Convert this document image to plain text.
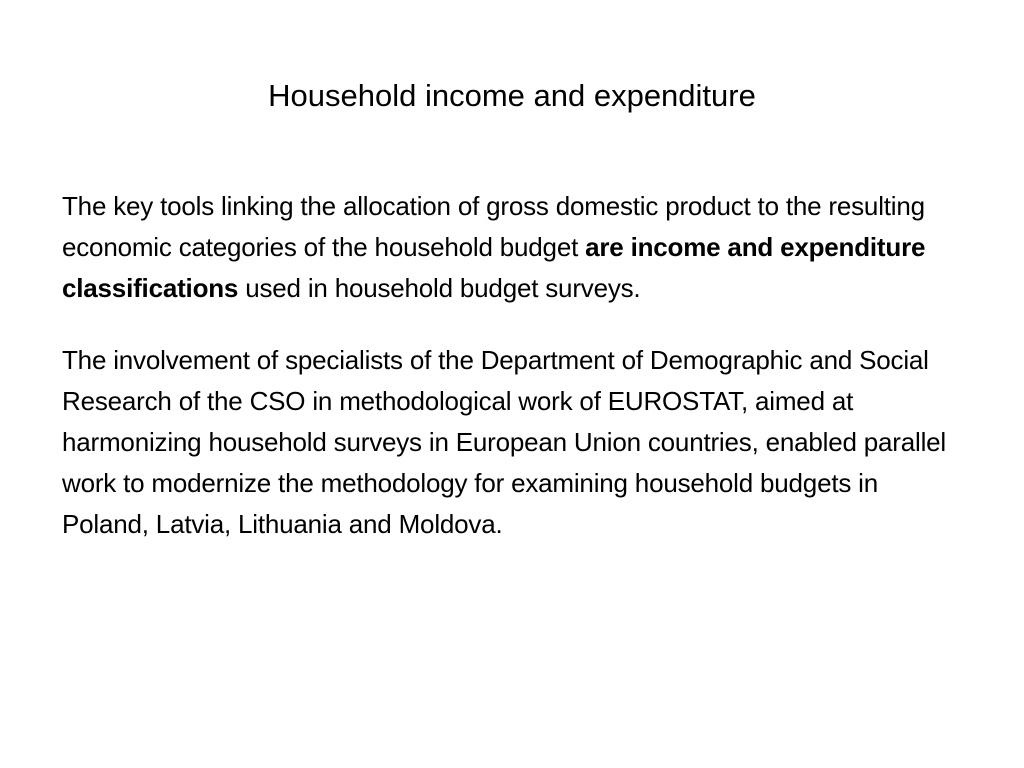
Household income and expenditure

The key tools linking the allocation of gross domestic product to the resulting economic categories of the household budget are income and expenditure classifications used in household budget surveys.

The involvement of specialists of the Department of Demographic and Social Research of the CSO in methodological work of EUROSTAT, aimed at harmonizing household surveys in European Union countries, enabled parallel work to modernize the methodology for examining household budgets in Poland, Latvia, Lithuania and Moldova.
